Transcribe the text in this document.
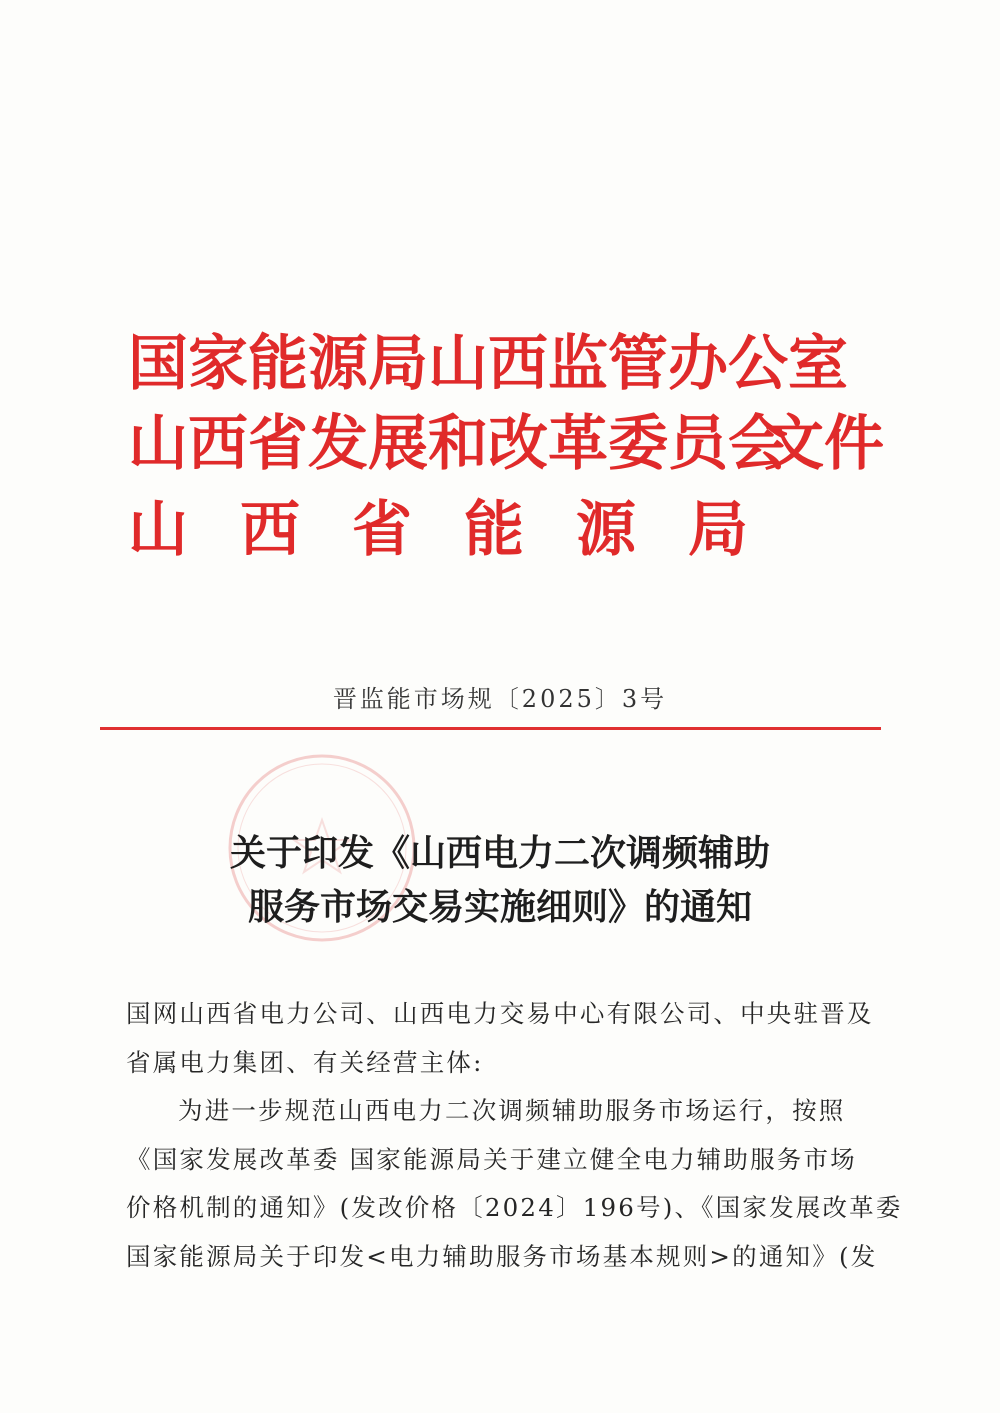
国家能源局山西监管办公室
山西省发展和改革委员会
文件
山西省能源局
晋监能市场规〔2025〕3号
关于印发《山西电力二次调频辅助
服务市场交易实施细则》的通知
国网山西省电力公司、山西电力交易中心有限公司、中央驻晋及
省属电力集团、有关经营主体:
为进一步规范山西电力二次调频辅助服务市场运行，按照
《国家发展改革委 国家能源局关于建立健全电力辅助服务市场
价格机制的通知》(发改价格〔2024〕196号)、《国家发展改革委
国家能源局关于印发<电力辅助服务市场基本规则>的通知》(发
